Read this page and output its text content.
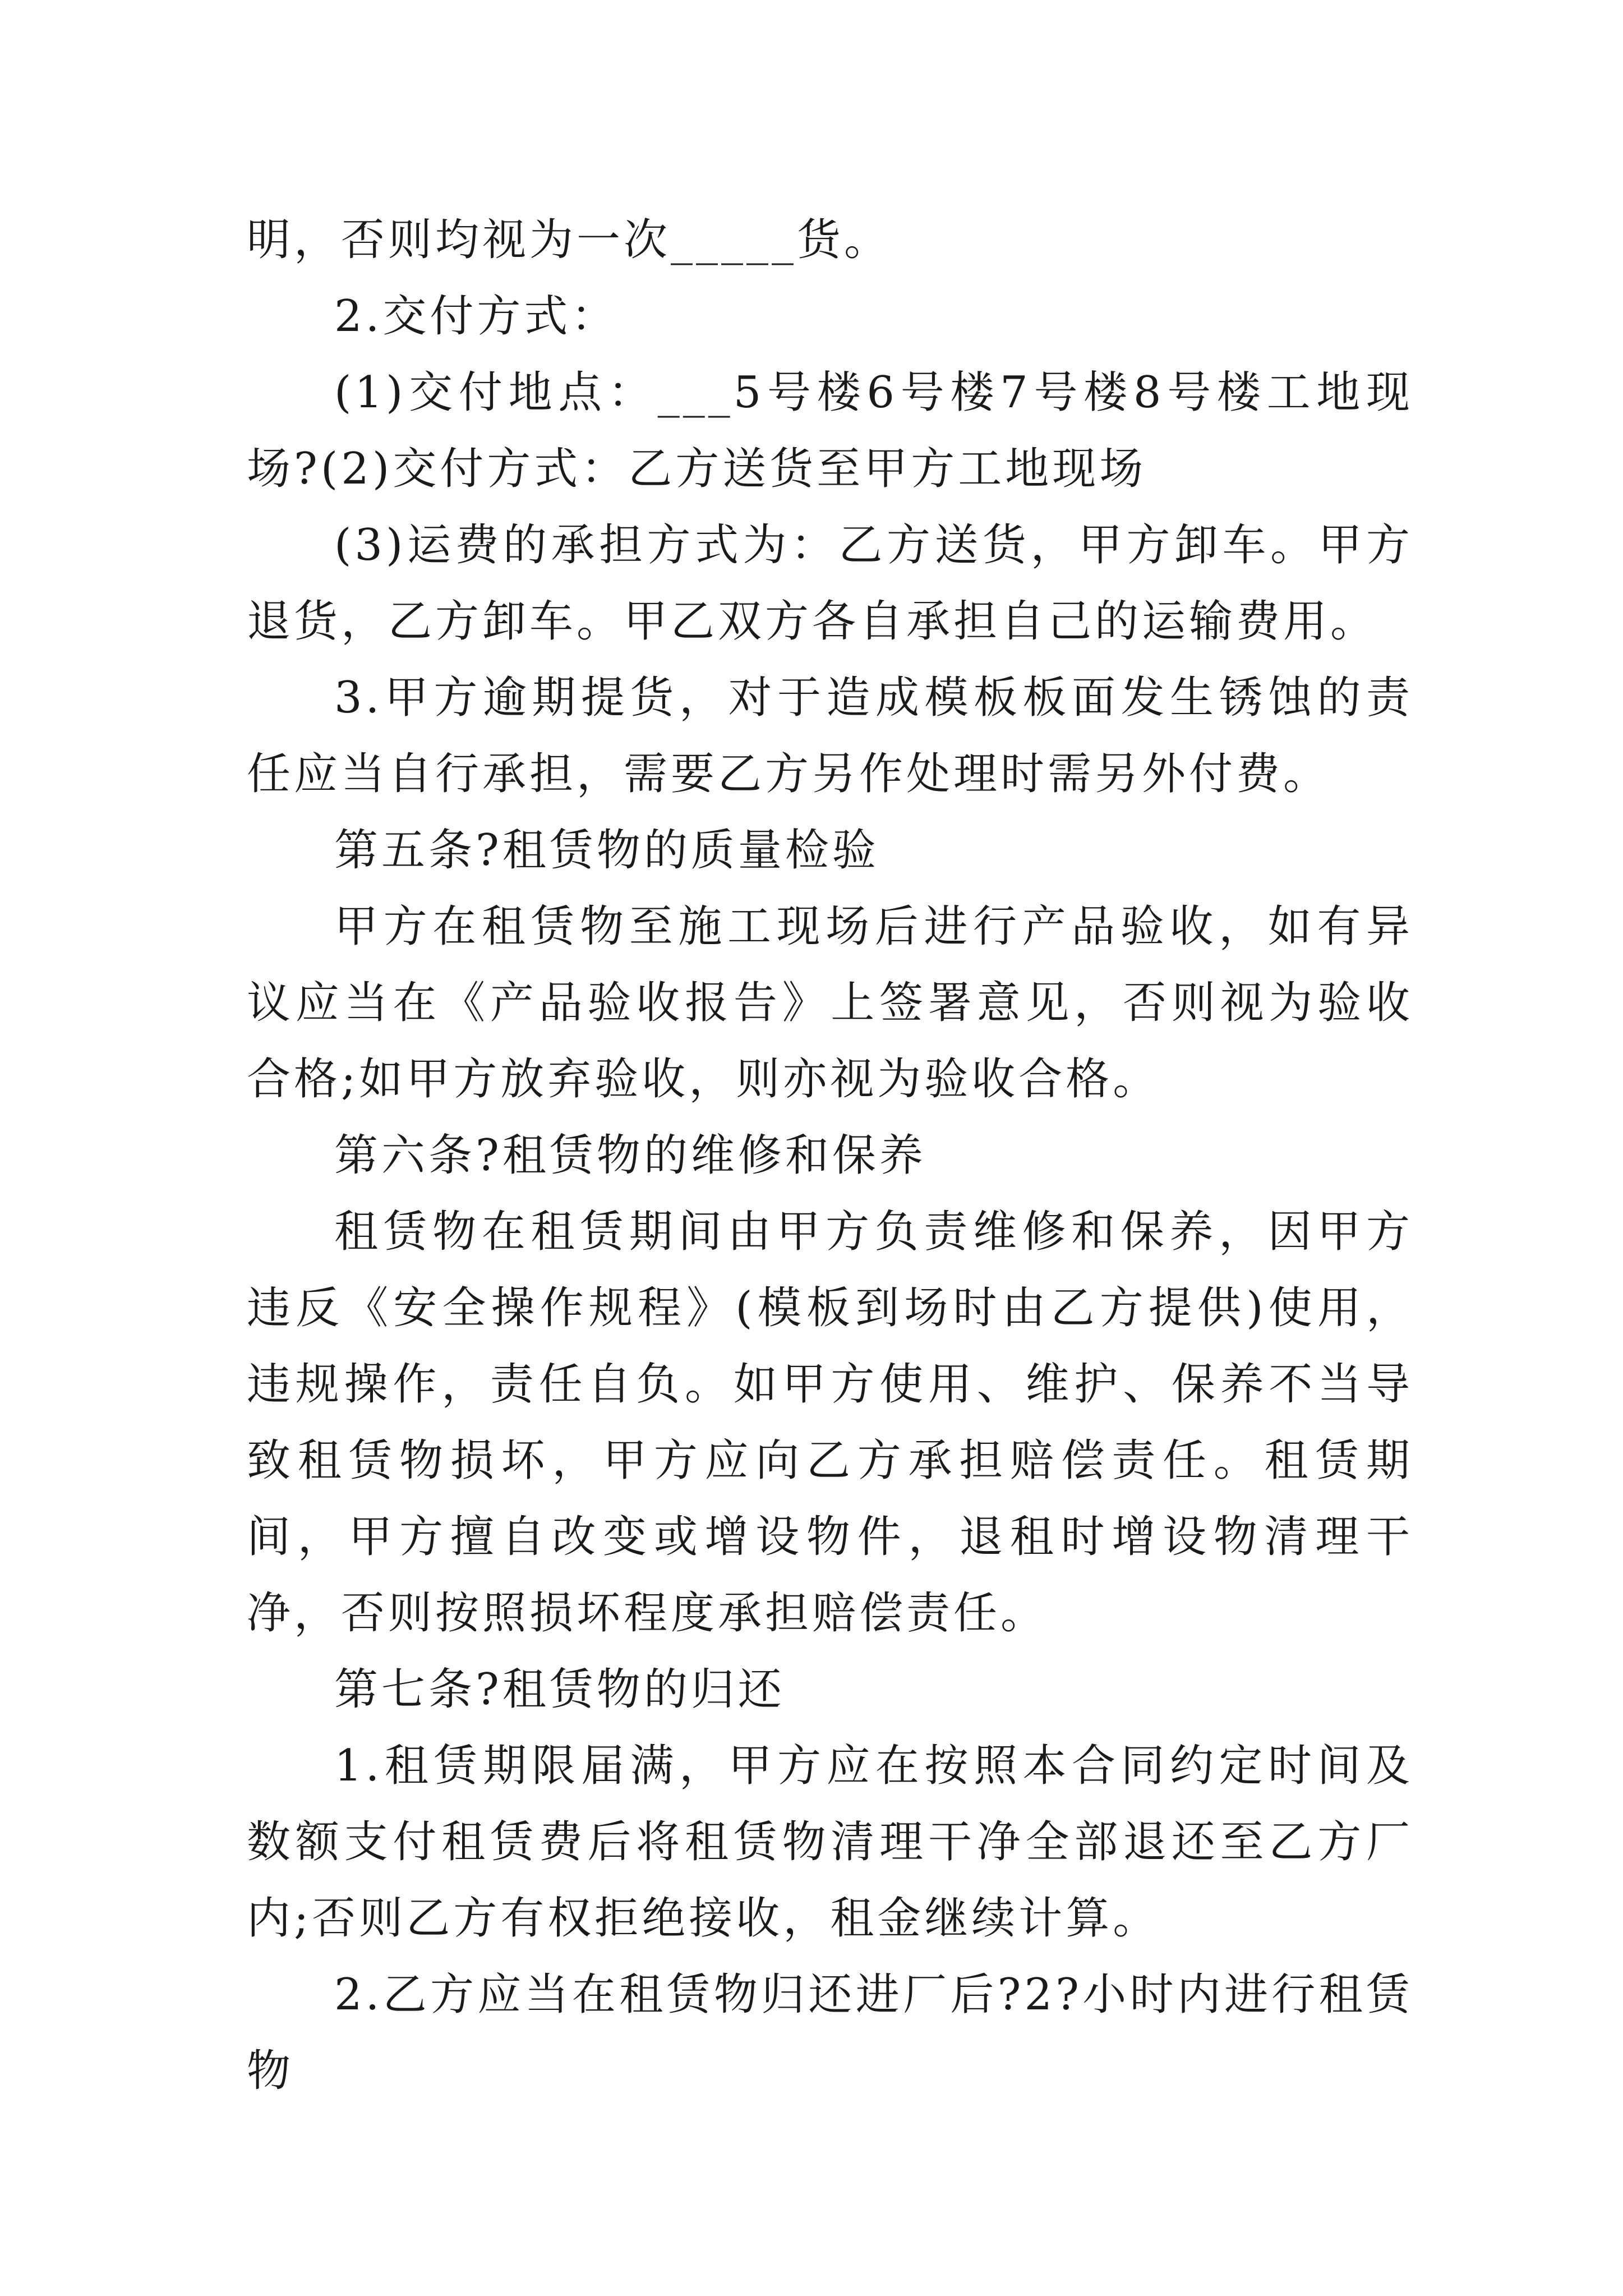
明，否则均视为一次_____货。

2.交付方式：

(1)交付地点：___5号楼6号楼7号楼8号楼工地现场?(2)交付方式：乙方送货至甲方工地现场

(3)运费的承担方式为：乙方送货，甲方卸车。甲方退货，乙方卸车。甲乙双方各自承担自己的运输费用。

3.甲方逾期提货，对于造成模板板面发生锈蚀的责任应当自行承担，需要乙方另作处理时需另外付费。

第五条?租赁物的质量检验

甲方在租赁物至施工现场后进行产品验收，如有异议应当在《产品验收报告》上签署意见，否则视为验收合格;如甲方放弃验收，则亦视为验收合格。

第六条?租赁物的维修和保养

租赁物在租赁期间由甲方负责维修和保养，因甲方违反《安全操作规程》(模板到场时由乙方提供)使用，违规操作，责任自负。如甲方使用、维护、保养不当导致租赁物损坏，甲方应向乙方承担赔偿责任。租赁期间，甲方擅自改变或增设物件，退租时增设物清理干净，否则按照损坏程度承担赔偿责任。

第七条?租赁物的归还

1.租赁期限届满，甲方应在按照本合同约定时间及数额支付租赁费后将租赁物清理干净全部退还至乙方厂内;否则乙方有权拒绝接收，租金继续计算。

2.乙方应当在租赁物归还进厂后?2?小时内进行租赁物
